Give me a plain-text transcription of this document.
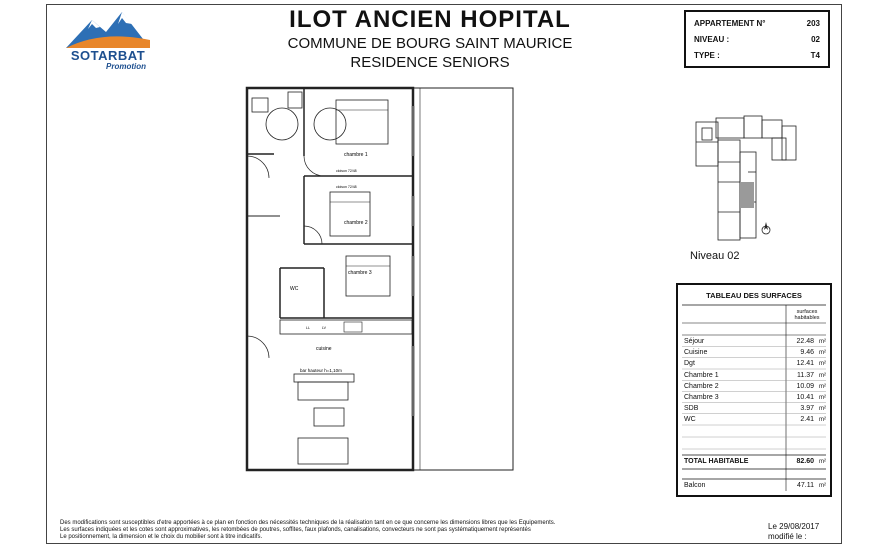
SOTARBAT
Promotion
ILOT ANCIEN HOPITAL
COMMUNE DE BOURG SAINT MAURICE
RESIDENCE SENIORS
APPARTEMENT N°	203
NIVEAU :	02
TYPE :	T4
Niveau 02
chambre 1
chambre 2
chambre 3
cuisine
WC
bar hauteur h=1,10m
cloison 72/48
cloison 72/48
LL	LV
TABLEAU DES SURFACES
surfaces habitables
Séjour	22.48 m²
Cuisine	9.46 m²
Dgt	12.41 m²
Chambre 1	11.37 m²
Chambre 2	10.09 m²
Chambre 3	10.41 m²
SDB	3.97 m²
WC	2.41 m²
TOTAL HABITABLE	82.60 m²
Balcon	47.11 m²
Des modifications sont susceptibles d'etre apportées à ce plan en fonction des nécessités techniques de la réalisation tant en ce que concerne les dimensions libres que les Equipements.
Les surfaces indiquées et les cotes sont approximatives, les retombées de poutres, soffites, faux plafonds, canalisations, convecteurs ne sont pas systématiquement représentés
Le positionnement, la dimension et le choix du mobilier sont à titre indicatifs.
Le 29/08/2017
modifié le :
